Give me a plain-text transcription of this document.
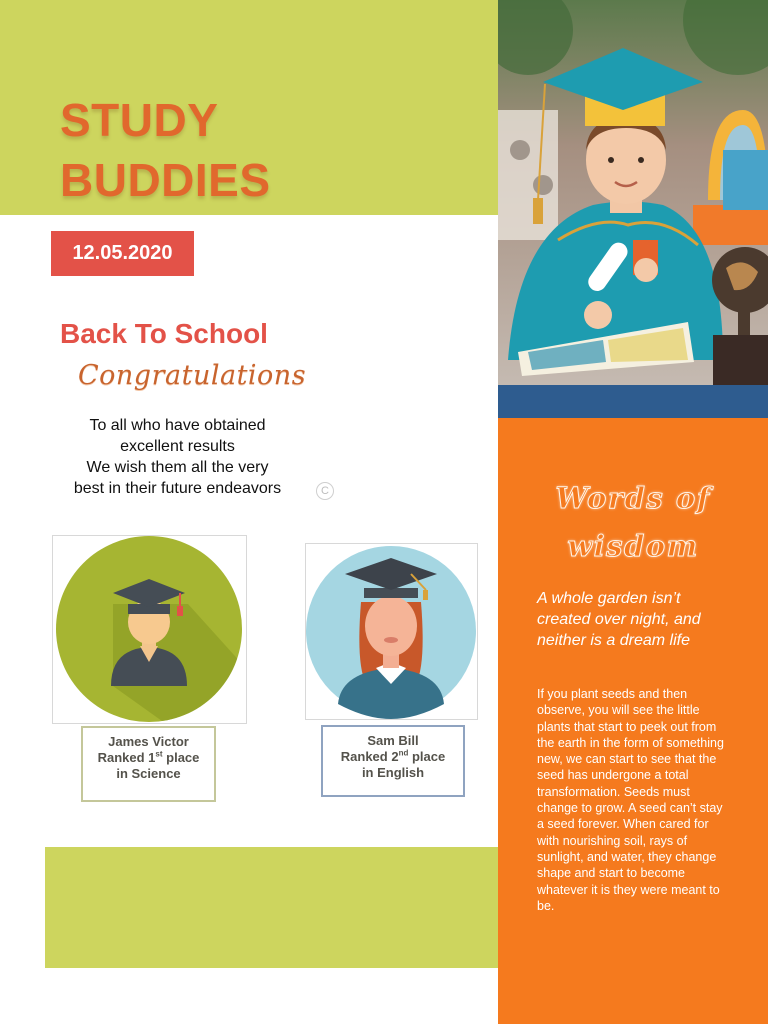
STUDY
BUDDIES
12.05.2020
Back To School
Congratulations
To all who have obtained
excellent results
We wish them all the very
best in their future endeavors	C
James Victor
Ranked 1st place
in Science
Sam Bill
Ranked 2nd place
in English
Words of
wisdom
A whole garden isn’t created over night, and neither is a dream life
If you plant seeds and then observe, you will see the little plants that start to peek out from the earth in the form of something new, we can start to see that the seed has undergone a total transformation. Seeds must change to grow. A seed can’t stay a seed forever. When cared for with nourishing soil, rays of sunlight, and water, they change shape and start to become whatever it is they were meant to be.
